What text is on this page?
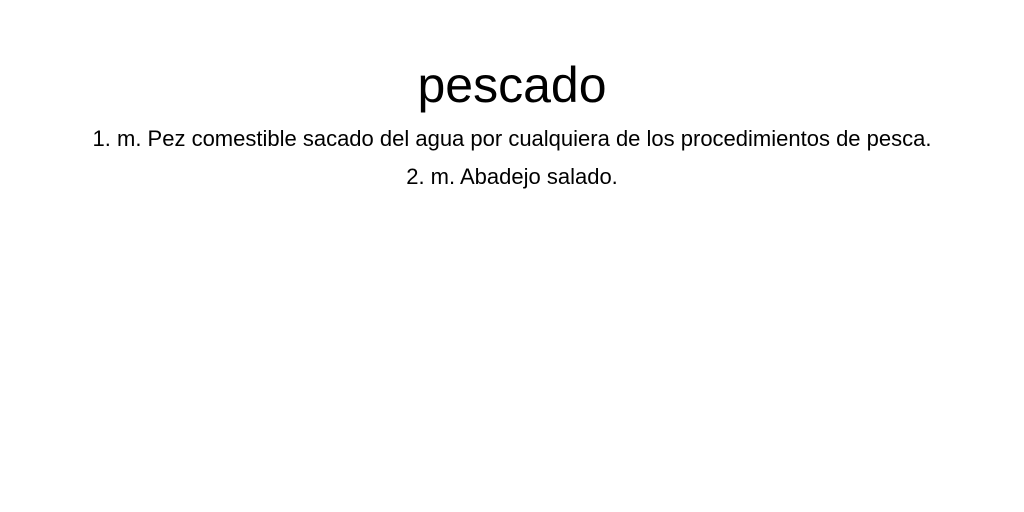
pescado
1. m. Pez comestible sacado del agua por cualquiera de los procedimientos de pesca.
2. m. Abadejo salado.
